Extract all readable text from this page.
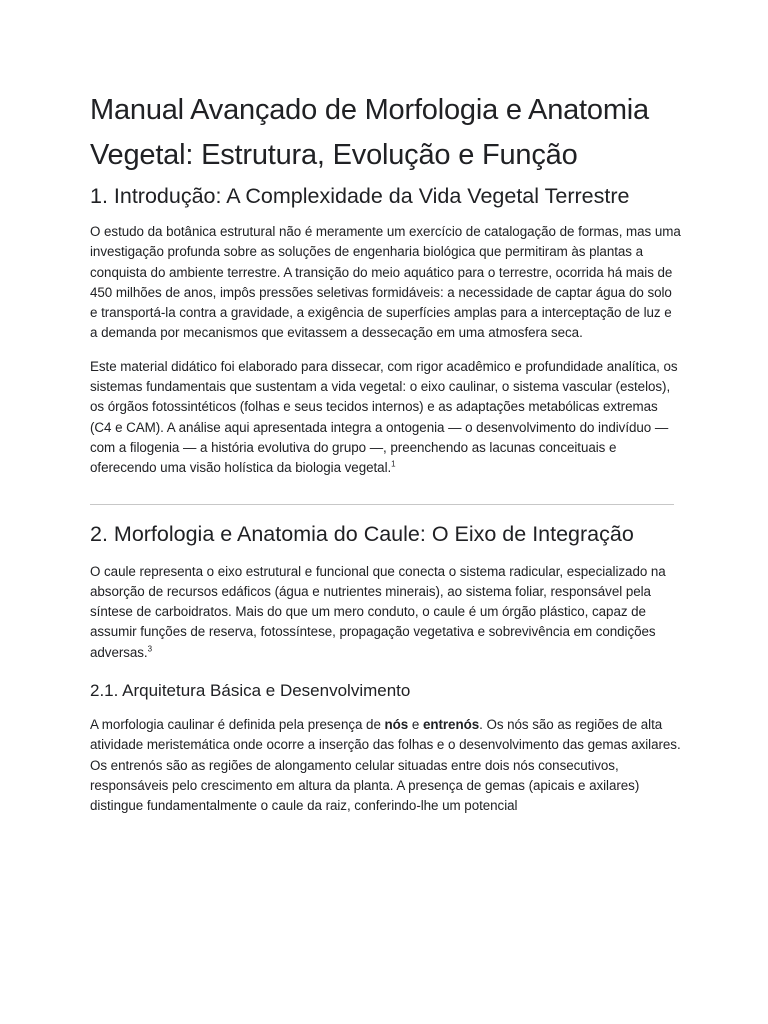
Manual Avançado de Morfologia e Anatomia Vegetal: Estrutura, Evolução e Função
1. Introdução: A Complexidade da Vida Vegetal Terrestre

O estudo da botânica estrutural não é meramente um exercício de catalogação de formas, mas uma investigação profunda sobre as soluções de engenharia biológica que permitiram às plantas a conquista do ambiente terrestre. A transição do meio aquático para o terrestre, ocorrida há mais de 450 milhões de anos, impôs pressões seletivas formidáveis: a necessidade de captar água do solo e transportá-la contra a gravidade, a exigência de superfícies amplas para a interceptação de luz e a demanda por mecanismos que evitassem a dessecação em uma atmosfera seca.

Este material didático foi elaborado para dissecar, com rigor acadêmico e profundidade analítica, os sistemas fundamentais que sustentam a vida vegetal: o eixo caulinar, o sistema vascular (estelos), os órgãos fotossintéticos (folhas e seus tecidos internos) e as adaptações metabólicas extremas (C4 e CAM). A análise aqui apresentada integra a ontogenia — o desenvolvimento do indivíduo — com a filogenia — a história evolutiva do grupo —, preenchendo as lacunas conceituais e oferecendo uma visão holística da biologia vegetal.$^1$

2. Morfologia e Anatomia do Caule: O Eixo de Integração

O caule representa o eixo estrutural e funcional que conecta o sistema radicular, especializado na absorção de recursos edáficos (água e nutrientes minerais), ao sistema foliar, responsável pela síntese de carboidratos. Mais do que um mero conduto, o caule é um órgão plástico, capaz de assumir funções de reserva, fotossíntese, propagação vegetativa e sobrevivência em condições adversas.$^3$

2.1. Arquitetura Básica e Desenvolvimento

A morfologia caulinar é definida pela presença de nós e entrenós. Os nós são as regiões de alta atividade meristemática onde ocorre a inserção das folhas e o desenvolvimento das gemas axilares. Os entrenós são as regiões de alongamento celular situadas entre dois nós consecutivos, responsáveis pelo crescimento em altura da planta. A presença de gemas (apicais e axilares) distingue fundamentalmente o caule da raiz, conferindo-lhe um potencial
